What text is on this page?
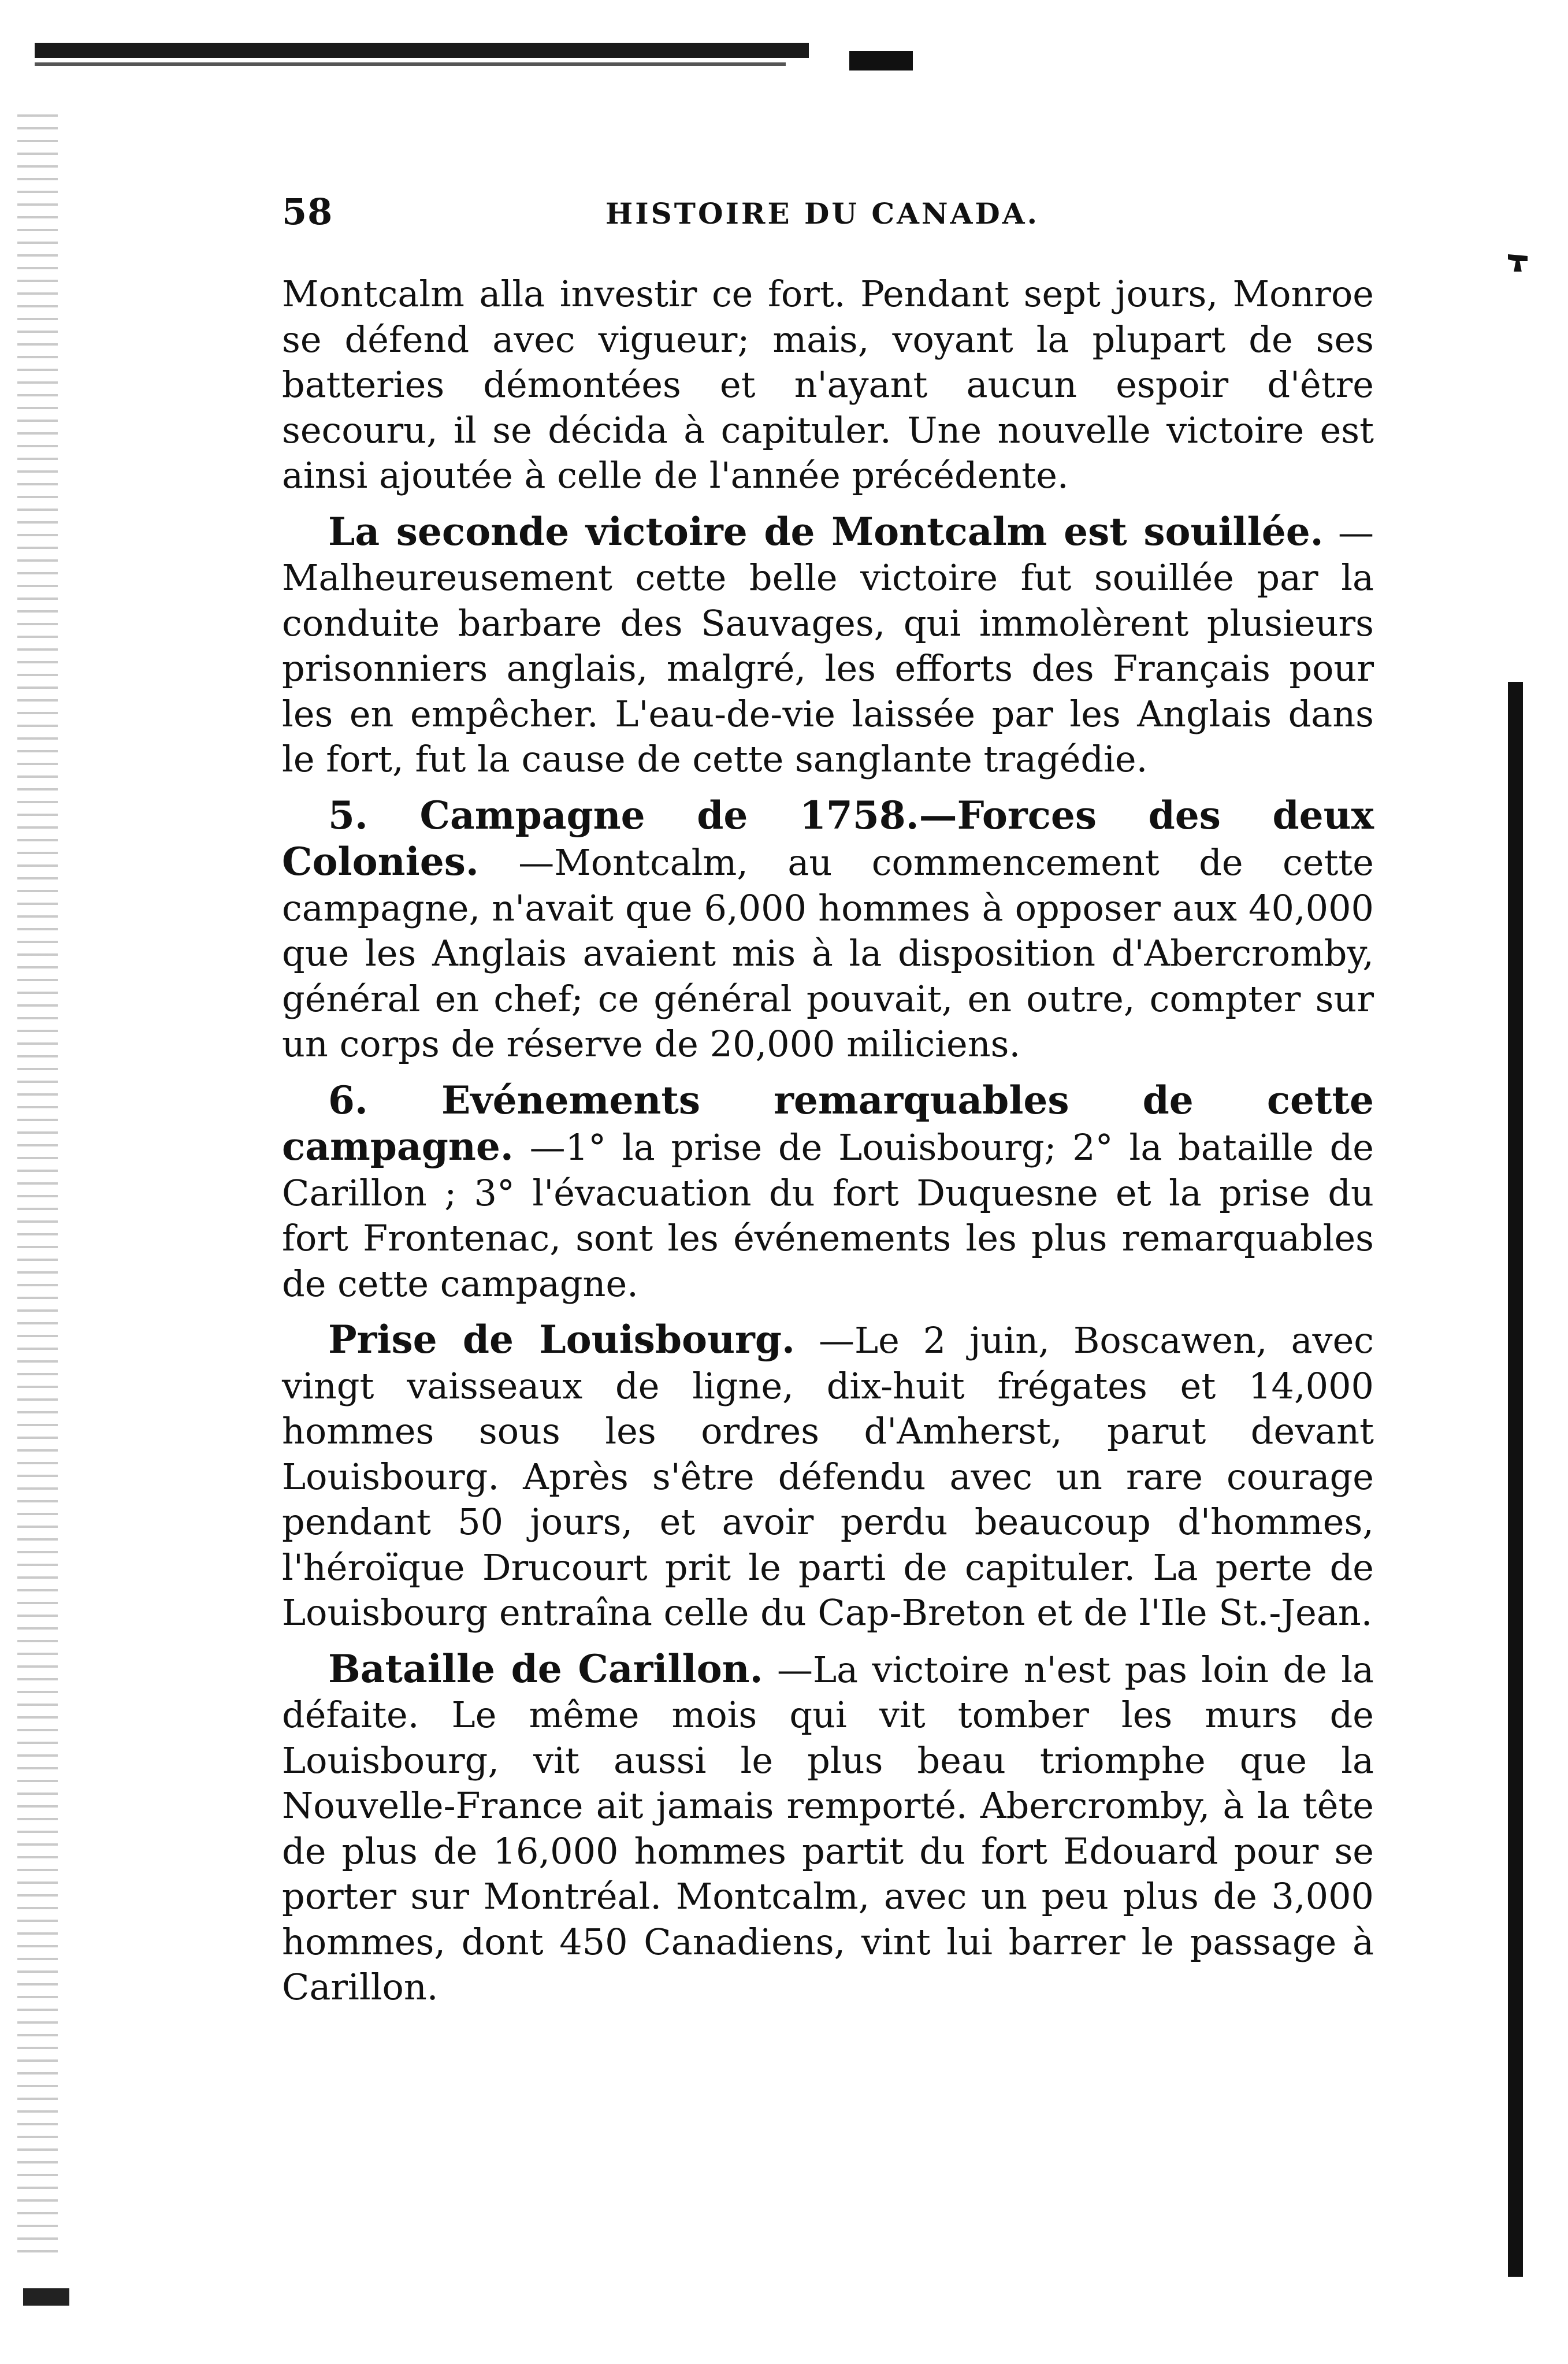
58	HISTOIRE DU CANADA.

Montcalm alla investir ce fort. Pendant sept jours, Monroe se défend avec vigueur; mais, voyant la plupart de ses batteries démontées et n'ayant aucun espoir d'être secouru, il se décida à capituler. Une nouvelle victoire est ainsi ajoutée à celle de l'année précédente.

La seconde victoire de Montcalm est souillée. —Malheureusement cette belle victoire fut souillée par la conduite barbare des Sauvages, qui immolèrent plusieurs prisonniers anglais, malgré, les efforts des Français pour les en empêcher. L'eau-de-vie laissée par les Anglais dans le fort, fut la cause de cette sanglante tragédie.

5. Campagne de 1758.—Forces des deux Colonies. —Montcalm, au commencement de cette campagne, n'avait que 6,000 hommes à opposer aux 40,000 que les Anglais avaient mis à la disposition d'Abercromby, général en chef; ce général pouvait, en outre, compter sur un corps de réserve de 20,000 miliciens.

6. Evénements remarquables de cette campagne. —1° la prise de Louisbourg; 2° la bataille de Carillon ; 3° l'évacuation du fort Duquesne et la prise du fort Frontenac, sont les événements les plus remarquables de cette campagne.

Prise de Louisbourg. —Le 2 juin, Boscawen, avec vingt vaisseaux de ligne, dix-huit frégates et 14,000 hommes sous les ordres d'Amherst, parut devant Louisbourg. Après s'être défendu avec un rare courage pendant 50 jours, et avoir perdu beaucoup d'hommes, l'héroïque Drucourt prit le parti de capituler. La perte de Louisbourg entraîna celle du Cap-Breton et de l'Ile St.-Jean.

Bataille de Carillon. —La victoire n'est pas loin de la défaite. Le même mois qui vit tomber les murs de Louisbourg, vit aussi le plus beau triomphe que la Nouvelle-France ait jamais remporté. Abercromby, à la tête de plus de 16,000 hommes partit du fort Edouard pour se porter sur Montréal. Montcalm, avec un peu plus de 3,000 hommes, dont 450 Canadiens, vint lui barrer le passage à Carillon.
